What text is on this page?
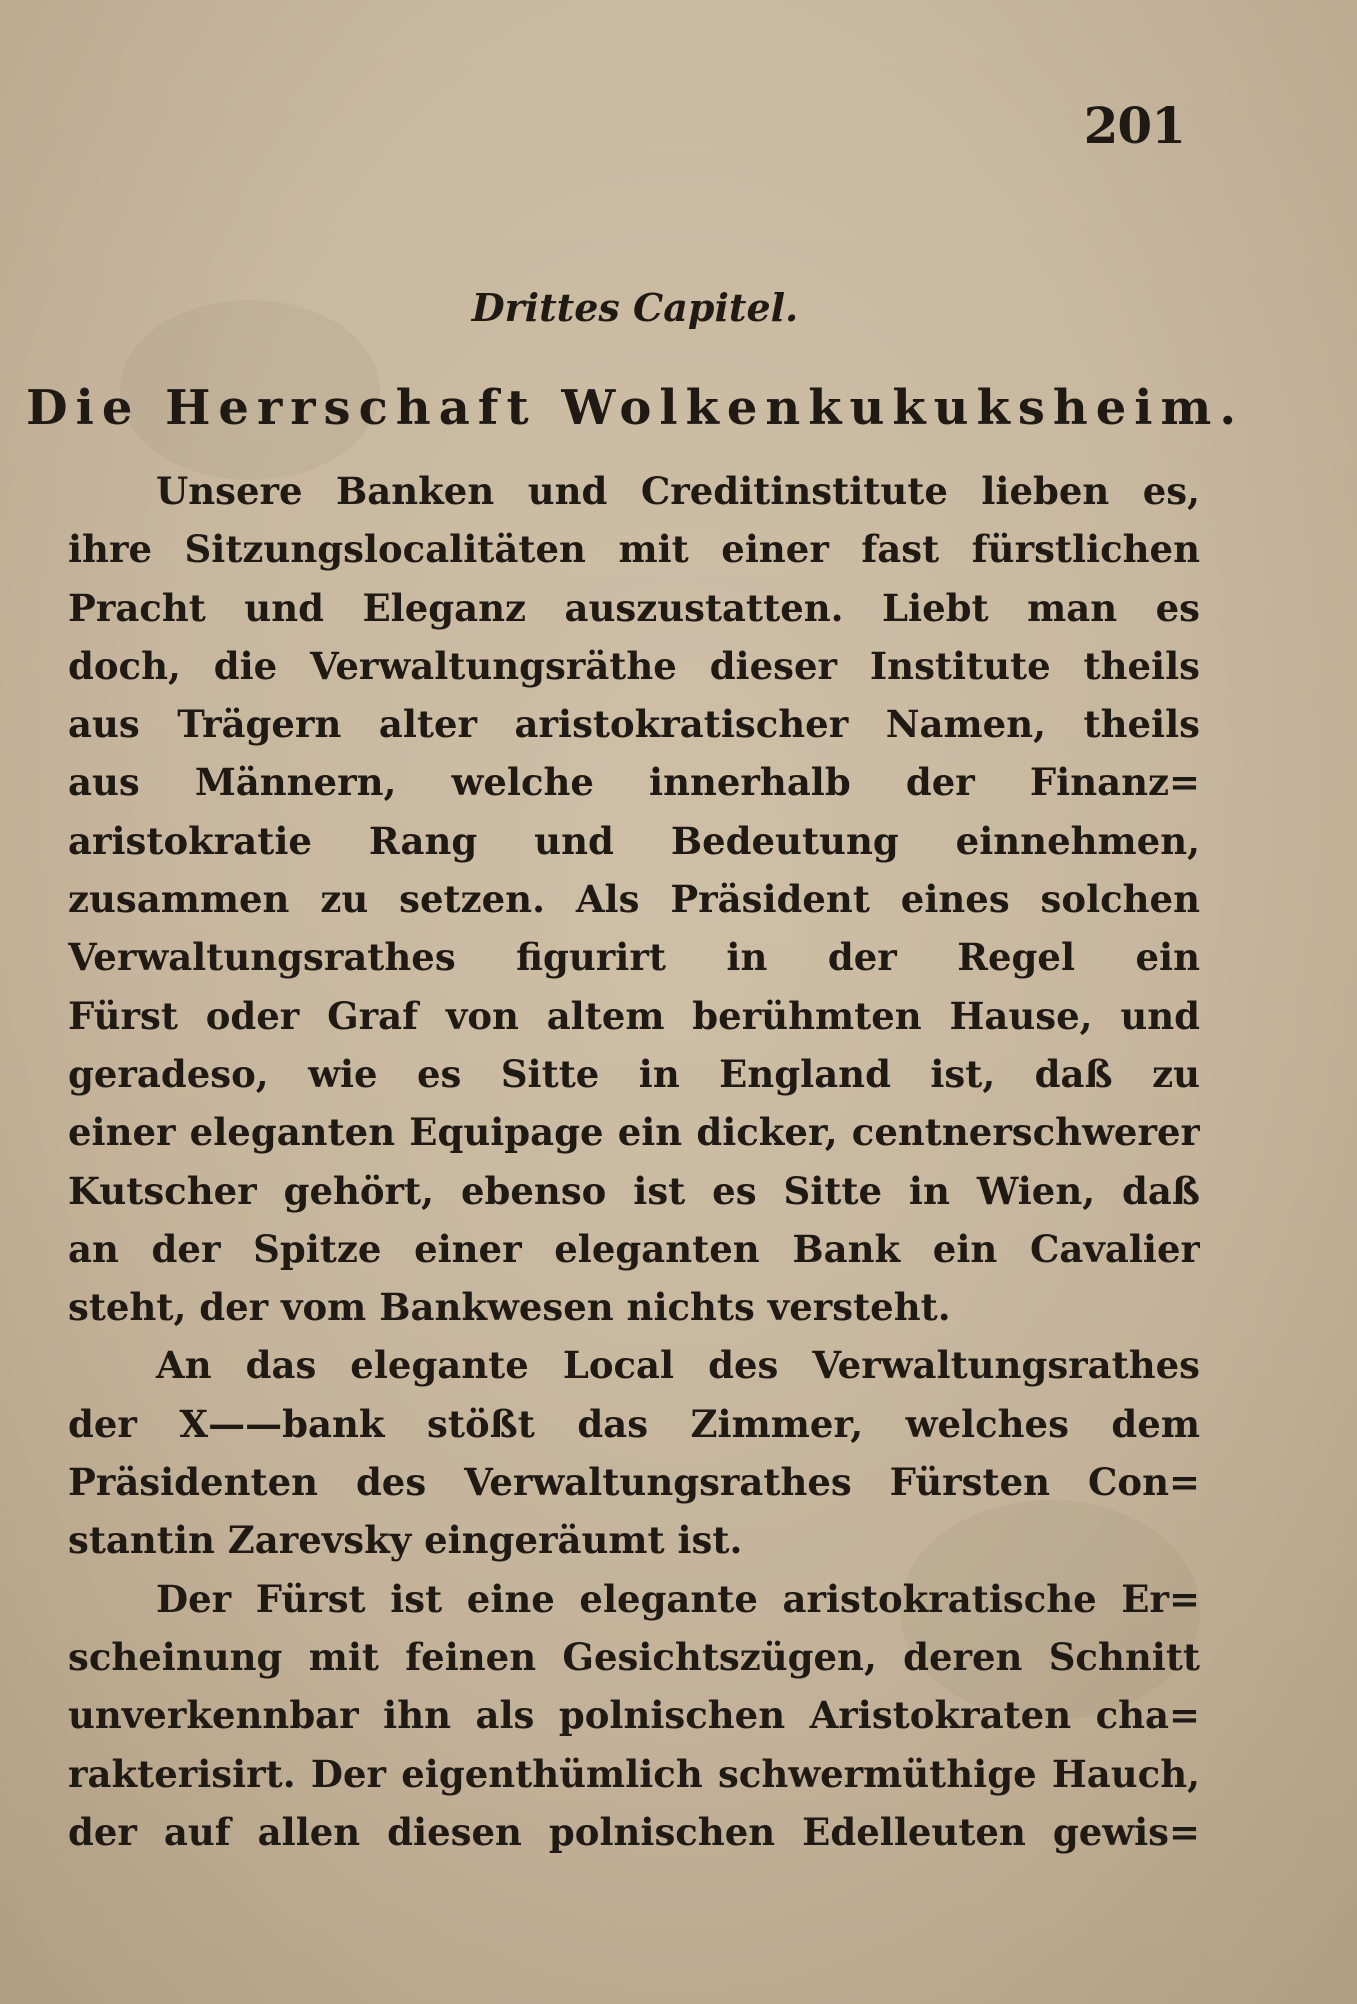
201

Drittes Capitel.

Die Herrschaft Wolkenkukuksheim.
Unsere Banken und Creditinstitute lieben es,
ihre Sitzungslocalitäten mit einer fast fürstlichen
Pracht und Eleganz auszustatten. Liebt man es
doch, die Verwaltungsräthe dieser Institute theils
aus Trägern alter aristokratischer Namen, theils
aus Männern, welche innerhalb der Finanz=
aristokratie Rang und Bedeutung einnehmen,
zusammen zu setzen. Als Präsident eines solchen
Verwaltungsrathes figurirt in der Regel ein
Fürst oder Graf von altem berühmten Hause, und
geradeso, wie es Sitte in England ist, daß zu
einer eleganten Equipage ein dicker, centnerschwerer
Kutscher gehört, ebenso ist es Sitte in Wien, daß
an der Spitze einer eleganten Bank ein Cavalier
steht, der vom Bankwesen nichts versteht.
An das elegante Local des Verwaltungsrathes
der X——bank stößt das Zimmer, welches dem
Präsidenten des Verwaltungsrathes Fürsten Con=
stantin Zarevsky eingeräumt ist.
Der Fürst ist eine elegante aristokratische Er=
scheinung mit feinen Gesichtszügen, deren Schnitt
unverkennbar ihn als polnischen Aristokraten cha=
rakterisirt. Der eigenthümlich schwermüthige Hauch,
der auf allen diesen polnischen Edelleuten gewis=
